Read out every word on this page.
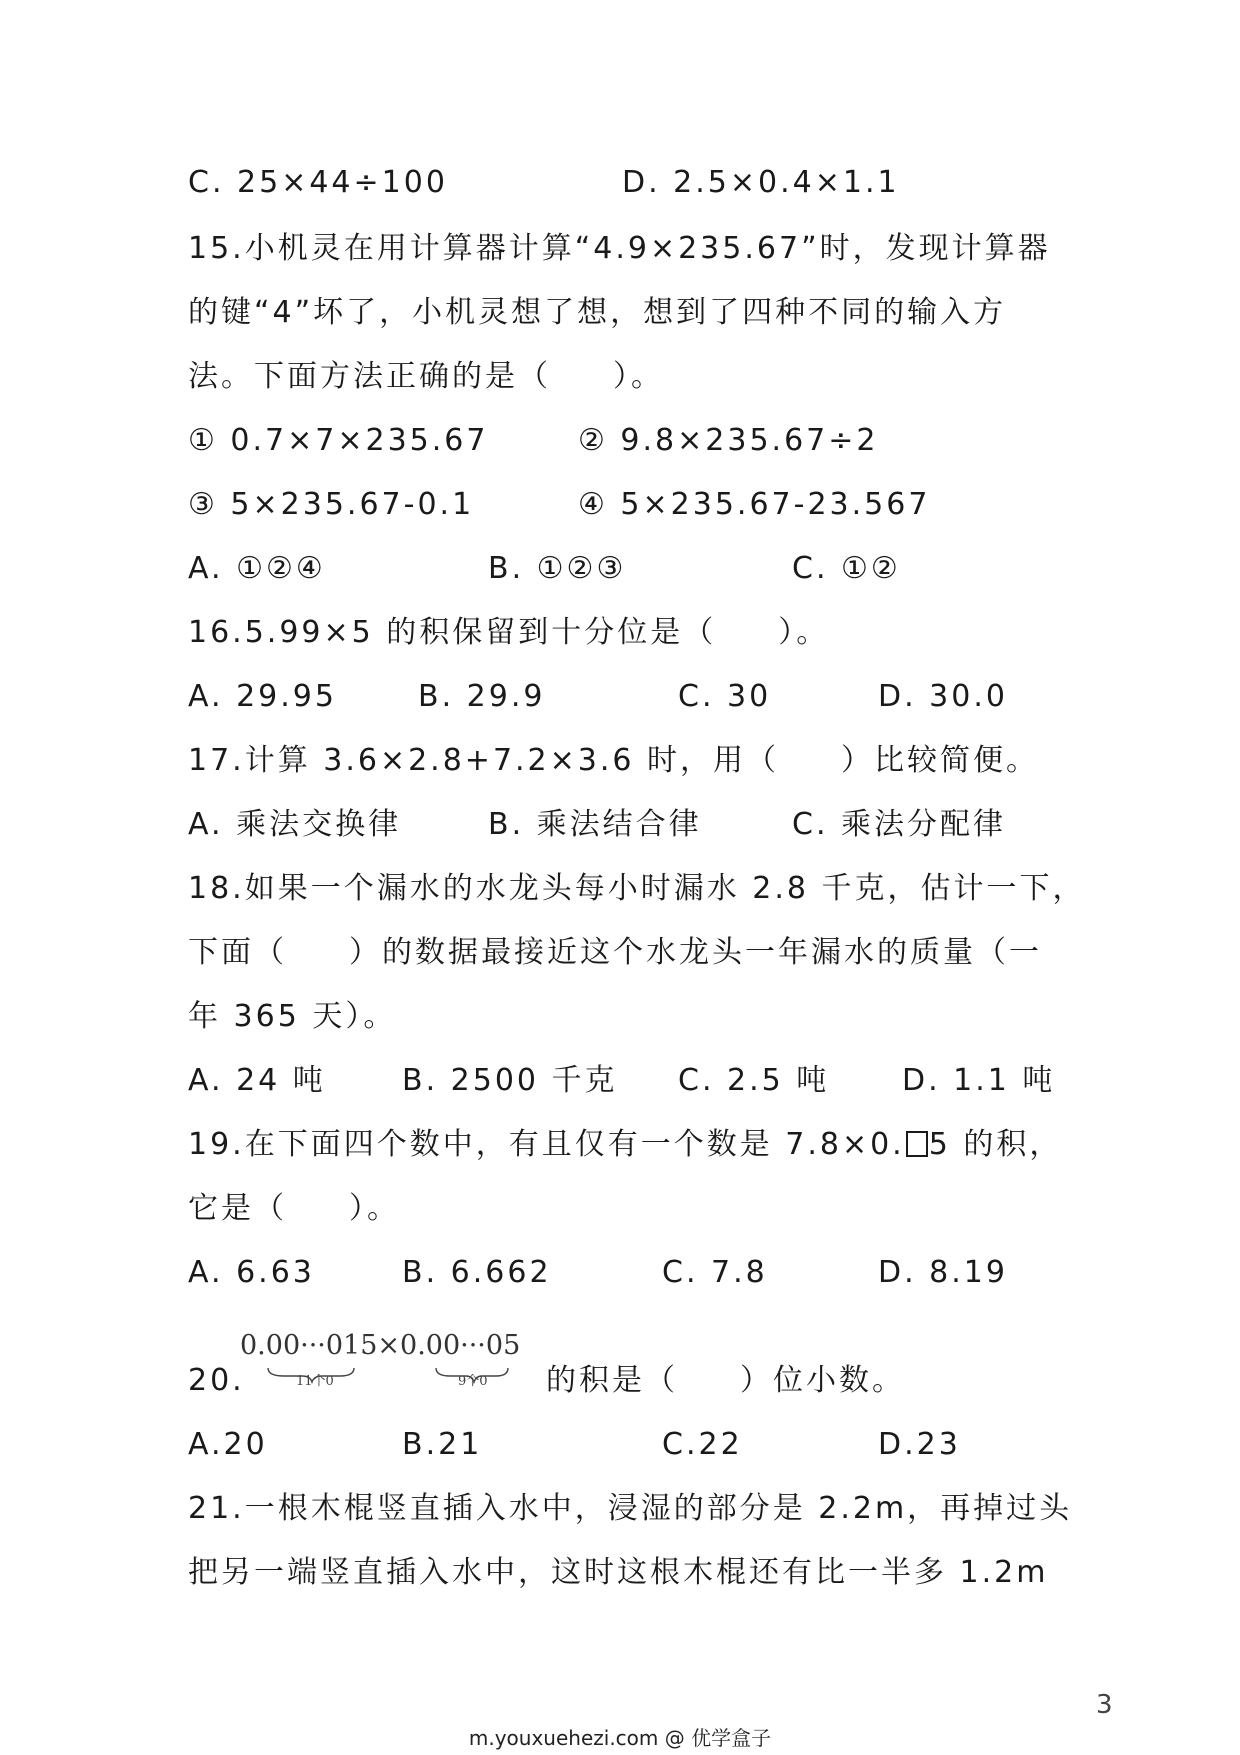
C. 25×44÷100	D. 2.5×0.4×1.1
15.小机灵在用计算器计算“4.9×235.67”时，发现计算器
的键“4”坏了，小机灵想了想，想到了四种不同的输入方
法。下面方法正确的是（ ）。
① 0.7×7×235.67	② 9.8×235.67÷2
③ 5×235.67-0.1	④ 5×235.67-23.567
A. ①②④	B. ①②③	C. ①②
16.5.99×5 的积保留到十分位是（ ）。
A. 29.95	B. 29.9	C. 30	D. 30.0
17.计算 3.6×2.8+7.2×3.6 时，用（ ）比较简便。
A. 乘法交换律	B. 乘法结合律	C. 乘法分配律
18.如果一个漏水的水龙头每小时漏水 2.8 千克，估计一下，
下面（ ）的数据最接近这个水龙头一年漏水的质量（一
年 365 天）。
A. 24 吨	B. 2500 千克 C. 2.5 吨 D. 1.1 吨
19.在下面四个数中，有且仅有一个数是 7.8×0. 5 的积，
它是（ ）。
A. 6.63	B. 6.662	C. 7.8	D. 8.19
20.
0.00···015×0.00···05
11个0	9个0 的积是（ ）位小数。
A.20	B.21	C.22	D.23
21.一根木棍竖直插入水中，浸湿的部分是 2.2m，再掉过头
把另一端竖直插入水中，这时这根木棍还有比一半多 1.2m
3
m.youxuehezi.com @ 优学盒子
